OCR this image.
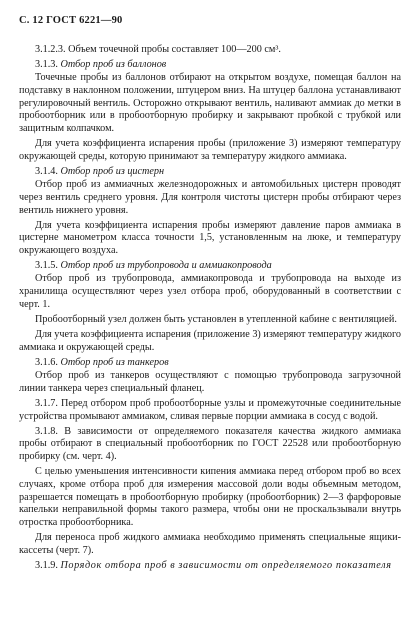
С. 12 ГОСТ 6221—90

3.1.2.3. Объем точечной пробы составляет 100—200 см³.

3.1.3. Отбор проб из баллонов

Точечные пробы из баллонов отбирают на открытом воздухе, помещая баллон на подставку в наклонном положении, штуцером вниз. На штуцер баллона устанавливают регулировочный вентиль. Осторожно открывают вентиль, наливают аммиак до метки в пробоотборник или в пробоотборную пробирку и закрывают пробкой с трубкой или защитным колпачком.

Для учета коэффициента испарения пробы (приложение 3) измеряют температуру окружающей среды, которую принимают за температуру жидкого аммиака.

3.1.4. Отбор проб из цистерн

Отбор проб из аммиачных железнодорожных и автомобильных цистерн проводят через вентиль среднего уровня. Для контроля чистоты цистерн пробы отбирают через вентиль нижнего уровня.

Для учета коэффициента испарения пробы измеряют давление паров аммиака в цистерне манометром класса точности 1,5, установленным на люке, и температуру окружающего воздуха.

3.1.5. Отбор проб из трубопровода и аммиакопровода

Отбор проб из трубопровода, аммиакопровода и трубопровода на выходе из хранилища осуществляют через узел отбора проб, оборудованный в соответствии с черт. 1.

Пробоотборный узел должен быть установлен в утепленной кабине с вентиляцией.

Для учета коэффициента испарения (приложение 3) измеряют температуру жидкого аммиака и окружающей среды.

3.1.6. Отбор проб из танкеров

Отбор проб из танкеров осуществляют с помощью трубопровода загрузочной линии танкера через специальный фланец.

3.1.7. Перед отбором проб пробоотборные узлы и промежуточные соединительные устройства промывают аммиаком, сливая первые порции аммиака в сосуд с водой.

3.1.8. В зависимости от определяемого показателя качества жидкого аммиака пробы отбирают в специальный пробоотборник по ГОСТ 22528 или пробоотборную пробирку (см. черт. 4).

С целью уменьшения интенсивности кипения аммиака перед отбором проб во всех случаях, кроме отбора проб для измерения массовой доли воды объемным методом, разрешается помещать в пробоотборную пробирку (пробоотборник) 2—3 фарфоровые капельки неправильной формы такого размера, чтобы они не проскальзывали внутрь отростка пробоотборника.

Для переноса проб жидкого аммиака необходимо применять специальные ящики-кассеты (черт. 7).

3.1.9. Порядок отбора проб в зависимости от определяемого показателя
